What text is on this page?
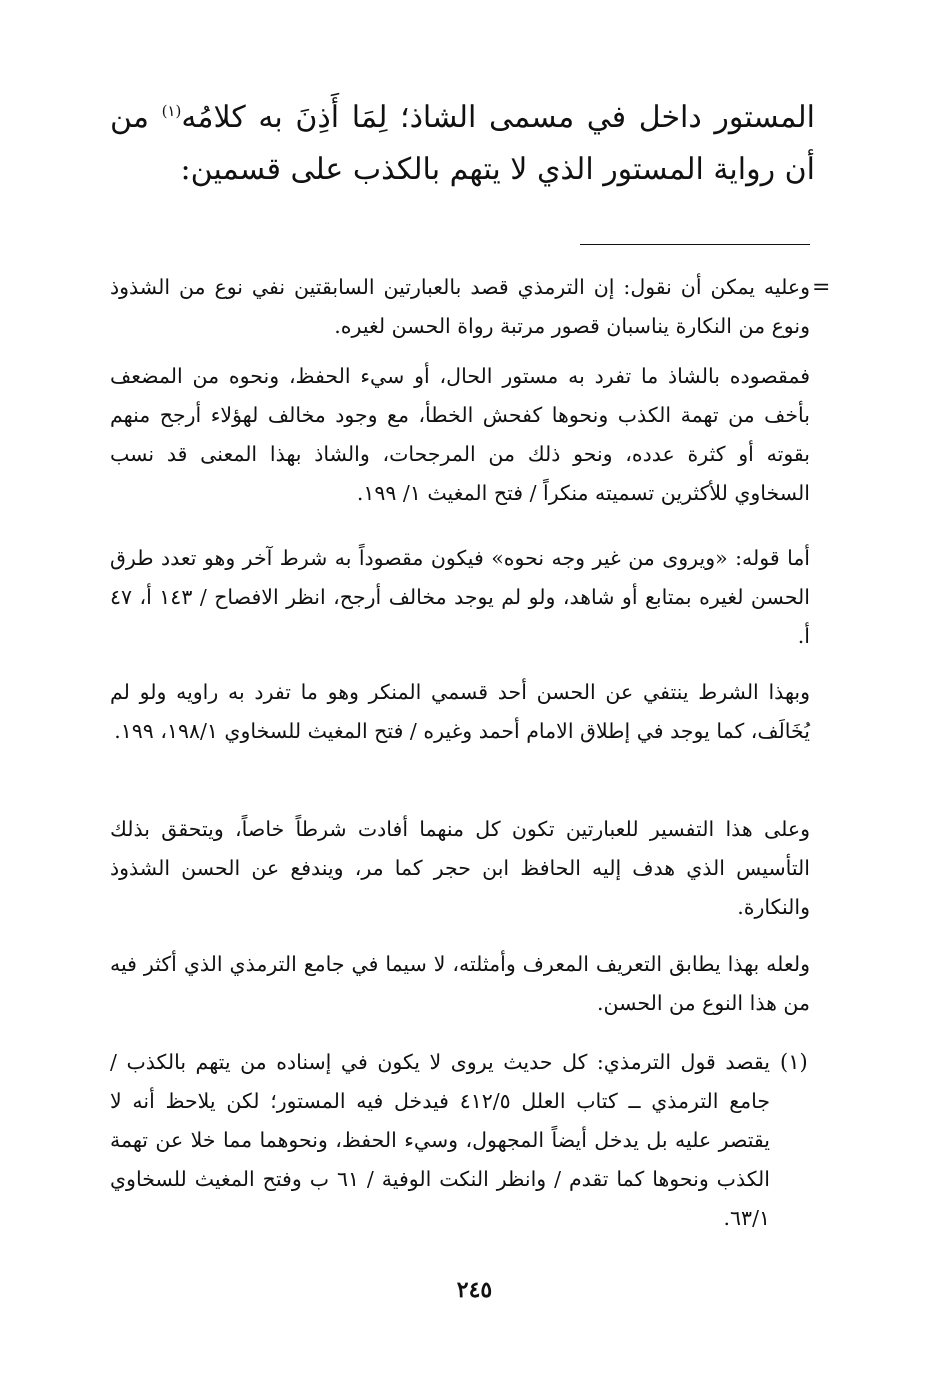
المستور داخل في مسمى الشاذ؛ لِمَا أَذِنَ به كلامُه$^{(١)}$ من أن رواية المستور الذي لا يتهم بالكذب على قسمين:

=

وعليه يمكن أن نقول: إن الترمذي قصد بالعبارتين السابقتين نفي نوع من الشذوذ ونوع من النكارة يناسبان قصور مرتبة رواة الحسن لغيره.

فمقصوده بالشاذ ما تفرد به مستور الحال، أو سيء الحفظ، ونحوه من المضعف بأخف من تهمة الكذب ونحوها كفحش الخطأ، مع وجود مخالف لهؤلاء أرجح منهم بقوته أو كثرة عدده، ونحو ذلك من المرجحات، والشاذ بهذا المعنى قد نسب السخاوي للأكثرين تسميته منكراً / فتح المغيث ١/ ١٩٩.

أما قوله: «ويروى من غير وجه نحوه» فيكون مقصوداً به شرط آخر وهو تعدد طرق الحسن لغيره بمتابع أو شاهد، ولو لم يوجد مخالف أرجح، انظر الافصاح / ١٤٣ أ، ٤٧ أ.

وبهذا الشرط ينتفي عن الحسن أحد قسمي المنكر وهو ما تفرد به راويه ولو لم يُخَالَف، كما يوجد في إطلاق الامام أحمد وغيره / فتح المغيث للسخاوي ١٩٨/١، ١٩٩.

وعلى هذا التفسير للعبارتين تكون كل منهما أفادت شرطاً خاصاً، ويتحقق بذلك التأسيس الذي هدف إليه الحافظ ابن حجر كما مر، ويندفع عن الحسن الشذوذ والنكارة.

ولعله بهذا يطابق التعريف المعرف وأمثلته، لا سيما في جامع الترمذي الذي أكثر فيه من هذا النوع من الحسن.

(١)

يقصد قول الترمذي: كل حديث يروى لا يكون في إسناده من يتهم بالكذب / جامع الترمذي ــ كتاب العلل ٤١٢/٥ فيدخل فيه المستور؛ لكن يلاحظ أنه لا يقتصر عليه بل يدخل أيضاً المجهول، وسيء الحفظ، ونحوهما مما خلا عن تهمة الكذب ونحوها كما تقدم / وانظر النكت الوفية / ٦١ ب وفتح المغيث للسخاوي ٦٣/١.

٢٤٥
